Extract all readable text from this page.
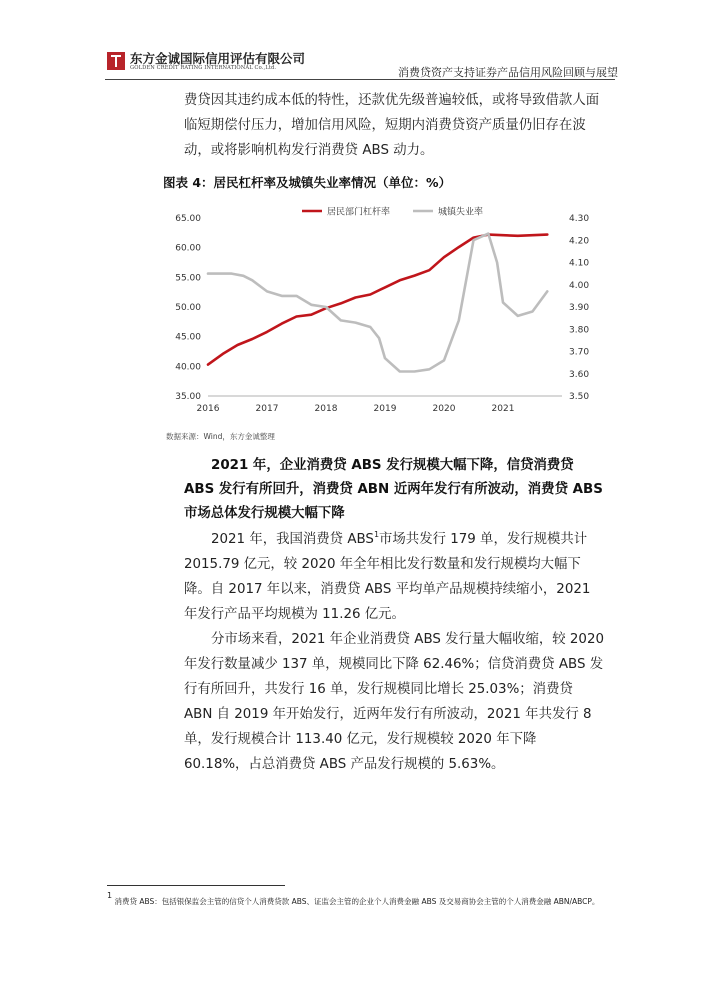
东方金诚国际信用评估有限公司
GOLDEN CREDIT RATING INTERNATIONAL Co.,Ltd.	消费贷资产支持证券产品信用风险回顾与展望

费贷因其违约成本低的特性，还款优先级普遍较低，或将导致借款人面临短期偿付压力，增加信用风险，短期内消费贷资产质量仍旧存在波动，或将影响机构发行消费贷 ABS 动力。

图表 4：居民杠杆率及城镇失业率情况（单位：%）
35.00
40.00
45.00
50.00
55.00
60.00
65.00
3.50
3.60
3.70
3.80
3.90
4.00
4.10
4.20
4.30
2016	2017	2018	2019	2020	2021
居民部门杠杆率	城镇失业率
数据来源：Wind，东方金诚整理
2021 年，企业消费贷 ABS 发行规模大幅下降，信贷消费贷 ABS 发行有所回升，消费贷 ABN 近两年发行有所波动，消费贷 ABS 市场总体发行规模大幅下降
2021 年，我国消费贷 ABS$^1$市场共发行 179 单，发行规模共计 2015.79 亿元，较 2020 年全年相比发行数量和发行规模均大幅下降。自 2017 年以来，消费贷 ABS 平均单产品规模持续缩小，2021 年发行产品平均规模为 11.26 亿元。
分市场来看，2021 年企业消费贷 ABS 发行量大幅收缩，较 2020 年发行数量减少 137 单，规模同比下降 62.46%；信贷消费贷 ABS 发行有所回升，共发行 16 单，发行规模同比增长 25.03%；消费贷 ABN 自 2019 年开始发行，近两年发行有所波动，2021 年共发行 8 单，发行规模合计 113.40 亿元，发行规模较 2020 年下降 60.18%，占总消费贷 ABS 产品发行规模的 5.63%。
$^1$ 消费贷 ABS：包括银保监会主管的信贷个人消费贷款 ABS、证监会主管的企业个人消费金融 ABS 及交易商协会主管的个人消费金融 ABN/ABCP。
